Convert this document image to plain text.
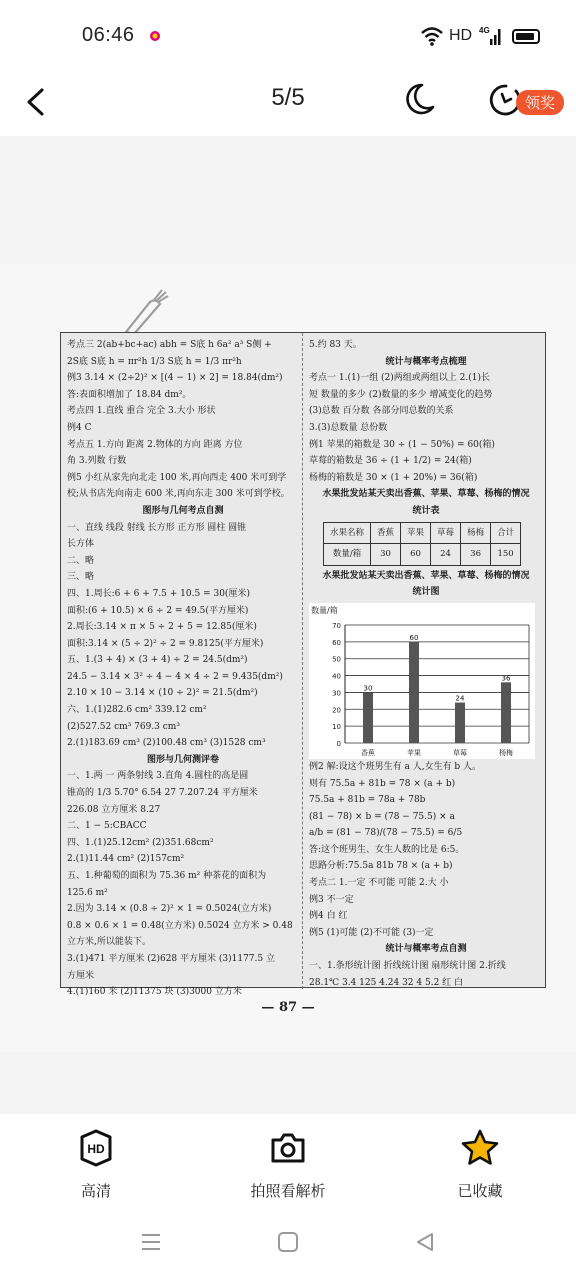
06:46	HD 4G
5/5	领奖
考点三 2(ab+bc+ac) abh = S底 h 6a² a³ S侧 +
2S底 S底 h = πr²h 1/3 S底 h = 1/3 πr²h
例3 3.14 × (2÷2)² × [(4 − 1) × 2] = 18.84(dm²)
答:表面积增加了 18.84 dm²。
考点四 1.直线 重合 完全 3.大小 形状
例4 C
考点五 1.方向 距离 2.物体的方向 距离 方位
角 3.列数 行数
例5 小红从家先向北走 100 米,再向西走 400 米可到学
校;从书店先向南走 600 米,再向东走 300 米可到学校。
图形与几何考点自测
一、直线 线段 射线 长方形 正方形 圆柱 圆锥
长方体
二、略
三、略
四、1.周长:6 + 6 + 7.5 + 10.5 = 30(厘米)
面积:(6 + 10.5) × 6 ÷ 2 = 49.5(平方厘米)
2.周长:3.14 × π × 5 ÷ 2 + 5 = 12.85(厘米)
面积:3.14 × (5 ÷ 2)² ÷ 2 = 9.8125(平方厘米)
五、1.(3 + 4) × (3 + 4) ÷ 2 = 24.5(dm²)
24.5 − 3.14 × 3² ÷ 4 − 4 × 4 ÷ 2 = 9.435(dm²)
2.10 × 10 − 3.14 × (10 ÷ 2)² = 21.5(dm²)
六、1.(1)282.6 cm² 339.12 cm²
(2)527.52 cm³ 769.3 cm³
2.(1)183.69 cm³ (2)100.48 cm³ (3)1528 cm³
图形与几何测评卷
一、1.两 一 两条射线 3.直角 4.圆柱的高是圆
锥高的 1/3 5.70° 6.54 27 7.207.24 平方厘米
226.08 立方厘米 8.27
二、1 − 5:CBACC
四、1.(1)25.12cm² (2)351.68cm²
2.(1)11.44 cm² (2)157cm²
五、1.种葡萄的面积为 75.36 m² 种茶花的面积为
125.6 m²
2.因为 3.14 × (0.8 ÷ 2)² × 1 = 0.5024(立方米)
0.8 × 0.6 × 1 = 0.48(立方米) 0.5024 立方米 > 0.48
立方米,所以能装下。
3.(1)471 平方厘米 (2)628 平方厘米 (3)1177.5 立
方厘米
4.(1)160 米 (2)11375 块 (3)3000 立方米
5.约 83 天。
统计与概率考点梳理
考点一 1.(1)一组 (2)两组或两组以上 2.(1)长
短 数量的多少 (2)数量的多少 增减变化的趋势
(3)总数 百分数 各部分同总数的关系
3.(3)总数量 总份数
例1 苹果的箱数是 30 ÷ (1 − 50%) = 60(箱)
草莓的箱数是 36 ÷ (1 + 1/2) = 24(箱)
杨梅的箱数是 30 × (1 + 20%) = 36(箱)
水果批发站某天卖出香蕉、苹果、草莓、杨梅的情况
统计表
水果名称	香蕉	苹果	草莓	杨梅	合计
数量/箱	30	60	24	36	150
水果批发站某天卖出香蕉、苹果、草莓、杨梅的情况
统计图
数量/箱
0
10
20
30
40
50
60
70
30
香蕉
60
苹果
24
草莓
36
杨梅
例2 解:设这个班男生有 a 人,女生有 b 人。
则有 75.5a + 81b = 78 × (a + b)
75.5a + 81b = 78a + 78b
(81 − 78) × b = (78 − 75.5) × a
a/b = (81 − 78)/(78 − 75.5) = 6/5
答:这个班男生、女生人数的比是 6:5。
思路分析:75.5a 81b 78 × (a + b)
考点二 1.一定 不可能 可能 2.大 小
例3 不一定
例4 白 红
例5 (1)可能 (2)不可能 (3)一定
统计与概率考点自测
一、1.条形统计图 折线统计图 扇形统计图 2.折线
28.1℃ 3.4 125 4.24 32 4 5.2 红 白
— 87 —
HD
高清	拍照看解析	已收藏
